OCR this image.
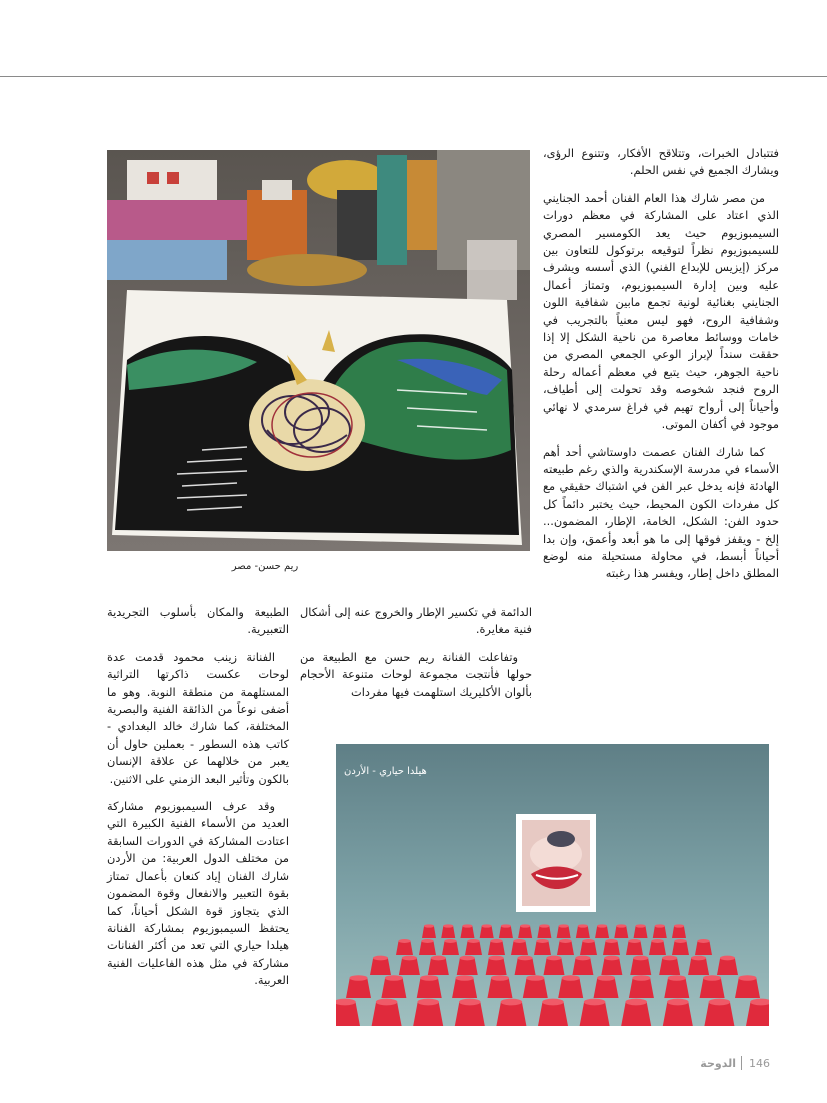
فتتبادل الخبرات، وتتلاقح الأفكار، وتتنوع الرؤى، ويشارك الجميع في نفس الحلم.

من مصر شارك هذا العام الفنان أحمد الجنايني الذي اعتاد على المشاركة في معظم دورات السيمبوزيوم حيث يعد الكومسير المصري للسيمبوزيوم نظراً لتوقيعه برتوكول للتعاون بين مركز (إيزيس للإبداع الفني) الذي أسسه ويشرف عليه وبين إدارة السيمبوزيوم، وتمتاز أعمال الجنايني بغنائية لونية تجمع مابين شفافية اللون وشفافية الروح، فهو ليس معنياً بالتجريب في خامات ووسائط معاصرة من ناحية الشكل إلا إذا حققت سنداً لإبراز الوعي الجمعي المصري من ناحية الجوهر، حيث يتبع في معظم أعماله رحلة الروح فنجد شخوصه وقد تحولت إلى أطياف، وأحياناً إلى أرواح تهيم في فراغ سرمدي لا نهائي موجود في أكفان الموتى.

كما شارك الفنان عصمت داوستاشي أحد أهم الأسماء في مدرسة الإسكندرية والذي رغم طبيعته الهادئة فإنه يدخل عبر الفن في اشتباك حقيقي مع كل مفردات الكون المحيط، حيث يختبر دائماً كل حدود الفن: الشكل، الخامة، الإطار، المضمون... إلخ - ويقفز فوقها إلى ما هو أبعد وأعمق، وإن بدا أحياناً أبسط، في محاولة مستحيلة منه لوضع المطلق داخل إطار، ويفسر هذا رغبته

ريم حسن- مصر

الدائمة في تكسير الإطار والخروج عنه إلى أشكال فنية مغايرة.

وتفاعلت الفنانة ريم حسن مع الطبيعة من حولها فأنتجت مجموعة لوحات متنوعة الأحجام بألوان الأكليريك استلهمت فيها مفردات

الطبيعة والمكان بأسلوب التجريدية التعبيرية.

الفنانة زينب محمود قدمت عدة لوحات عكست ذاكرتها التراثية المستلهمة من منطقة النوبة. وهو ما أضفى نوعاً من الذائقة الفنية والبصرية المختلفة، كما شارك خالد البغدادي - كاتب هذه السطور - بعملين حاول أن يعبر من خلالهما عن علاقة الإنسان بالكون وتأثير البعد الزمني على الاثنين.

وقد عرف السيمبوزيوم مشاركة العديد من الأسماء الفنية الكبيرة التي اعتادت المشاركة في الدورات السابقة من مختلف الدول العربية: من الأردن شارك الفنان إياد كنعان بأعمال تمتاز بقوة التعبير والانفعال وقوة المضمون الذي يتجاوز قوة الشكل أحياناً، كما يحتفظ السيمبوزيوم بمشاركة الفنانة هيلدا حياري التي تعد من أكثر الفنانات مشاركة في مثل هذه الفاعليات الفنية العربية.

هيلدا حياري - الأردن
146
الدوحة
